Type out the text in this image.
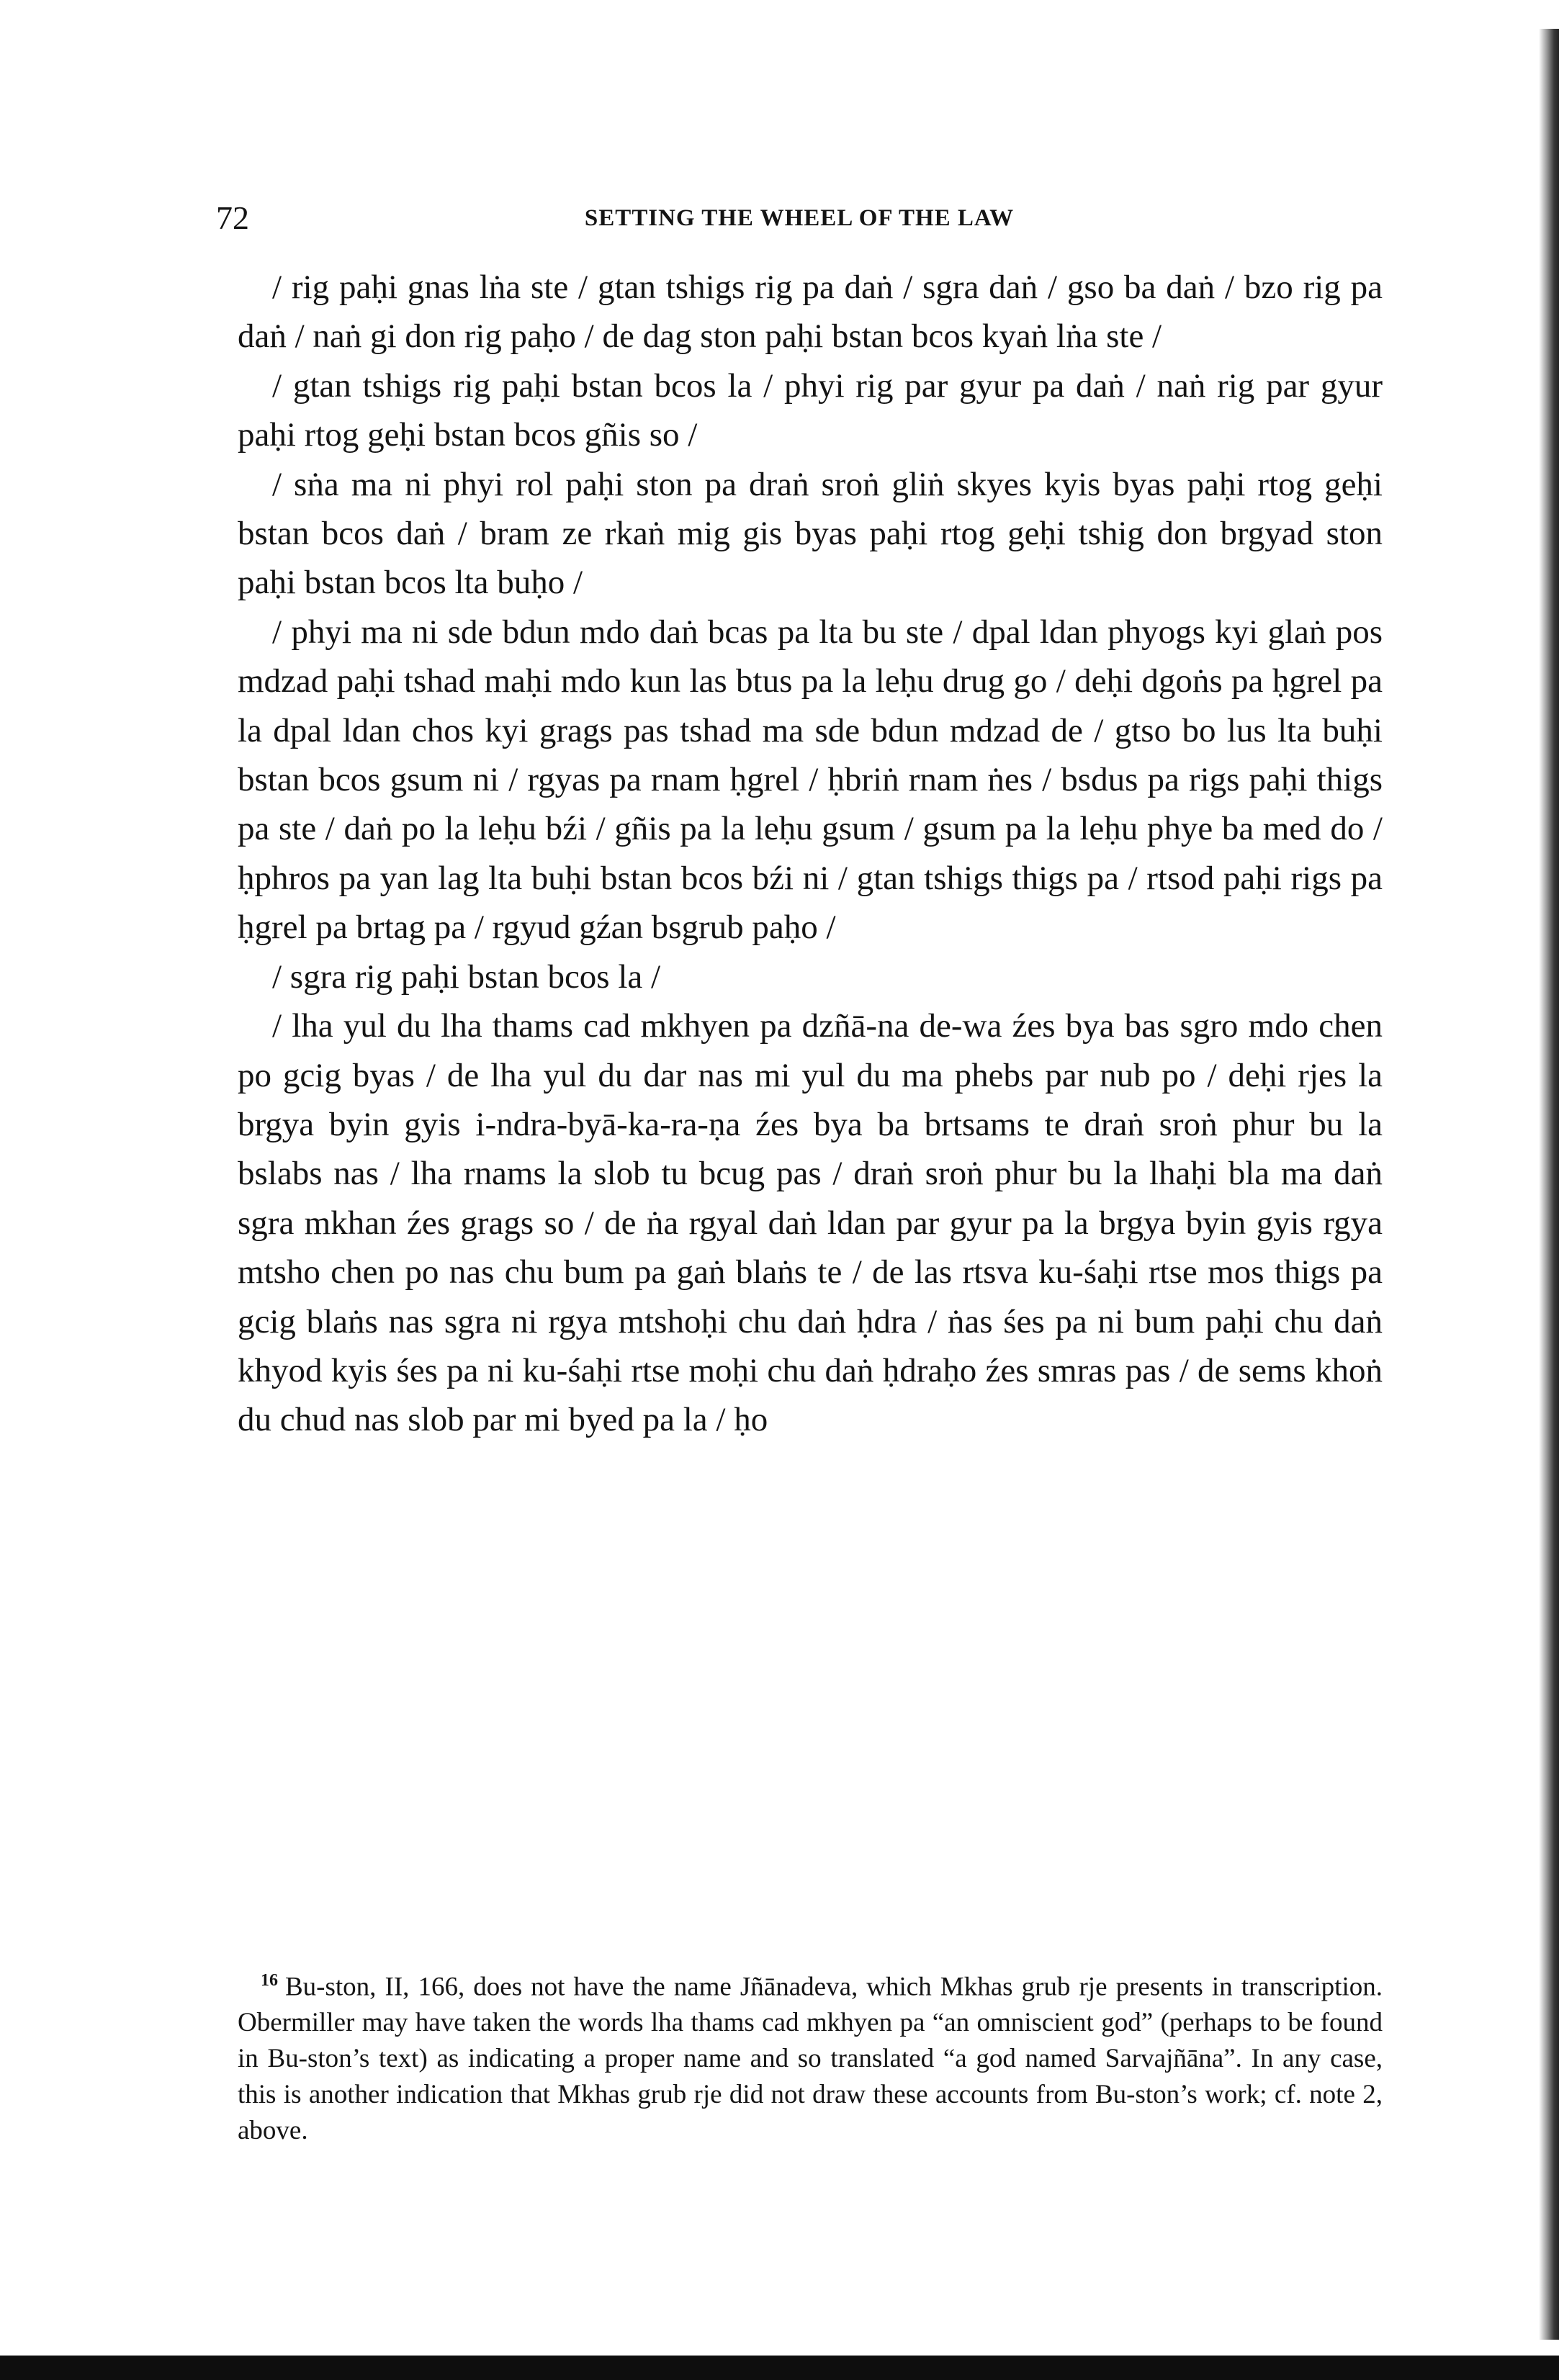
72	SETTING THE WHEEL OF THE LAW

/ rig paḥi gnas lṅa ste / gtan tshigs rig pa daṅ / sgra daṅ / gso ba daṅ / bzo rig pa daṅ / naṅ gi don rig paḥo / de dag ston paḥi bstan bcos kyaṅ lṅa ste /

/ gtan tshigs rig paḥi bstan bcos la / phyi rig par gyur pa daṅ / naṅ rig par gyur paḥi rtog geḥi bstan bcos gñis so /

/ sṅa ma ni phyi rol paḥi ston pa draṅ sroṅ gliṅ skyes kyis byas paḥi rtog geḥi bstan bcos daṅ / bram ze rkaṅ mig gis byas paḥi rtog geḥi tshig don brgyad ston paḥi bstan bcos lta buḥo /

/ phyi ma ni sde bdun mdo daṅ bcas pa lta bu ste / dpal ldan phyogs kyi glaṅ pos mdzad paḥi tshad maḥi mdo kun las btus pa la leḥu drug go / deḥi dgoṅs pa ḥgrel pa la dpal ldan chos kyi grags pas tshad ma sde bdun mdzad de / gtso bo lus lta buḥi bstan bcos gsum ni / rgyas pa rnam ḥgrel / ḥbriṅ rnam ṅes / bsdus pa rigs paḥi thigs pa ste / daṅ po la leḥu bźi / gñis pa la leḥu gsum / gsum pa la leḥu phye ba med do / ḥphros pa yan lag lta buḥi bstan bcos bźi ni / gtan tshigs thigs pa / rtsod paḥi rigs pa ḥgrel pa brtag pa / rgyud gźan bsgrub paḥo /

/ sgra rig paḥi bstan bcos la /

/ lha yul du lha thams cad mkhyen pa dzñā-na de-wa źes bya bas sgro mdo chen po gcig byas / de lha yul du dar nas mi yul du ma phebs par nub po / deḥi rjes la brgya byin gyis i-ndra-byā-ka-ra-ṇa źes bya ba brtsams te draṅ sroṅ phur bu la bslabs nas / lha rnams la slob tu bcug pas / draṅ sroṅ phur bu la lhaḥi bla ma daṅ sgra mkhan źes grags so / de ṅa rgyal daṅ ldan par gyur pa la brgya byin gyis rgya mtsho chen po nas chu bum pa gaṅ blaṅs te / de las rtsva ku-śaḥi rtse mos thigs pa gcig blaṅs nas sgra ni rgya mtshoḥi chu daṅ ḥdra / ṅas śes pa ni bum paḥi chu daṅ khyod kyis śes pa ni ku-śaḥi rtse moḥi chu daṅ ḥdraḥo źes smras pas / de sems khoṅ du chud nas slob par mi byed pa la / ḥo

$^{16}$ Bu-ston, II, 166, does not have the name Jñānadeva, which Mkhas grub rje presents in transcription. Obermiller may have taken the words lha thams cad mkhyen pa “an omniscient god” (perhaps to be found in Bu-ston’s text) as indicating a proper name and so translated “a god named Sarvajñāna”. In any case, this is another indication that Mkhas grub rje did not draw these accounts from Bu-ston’s work; cf. note 2, above.
